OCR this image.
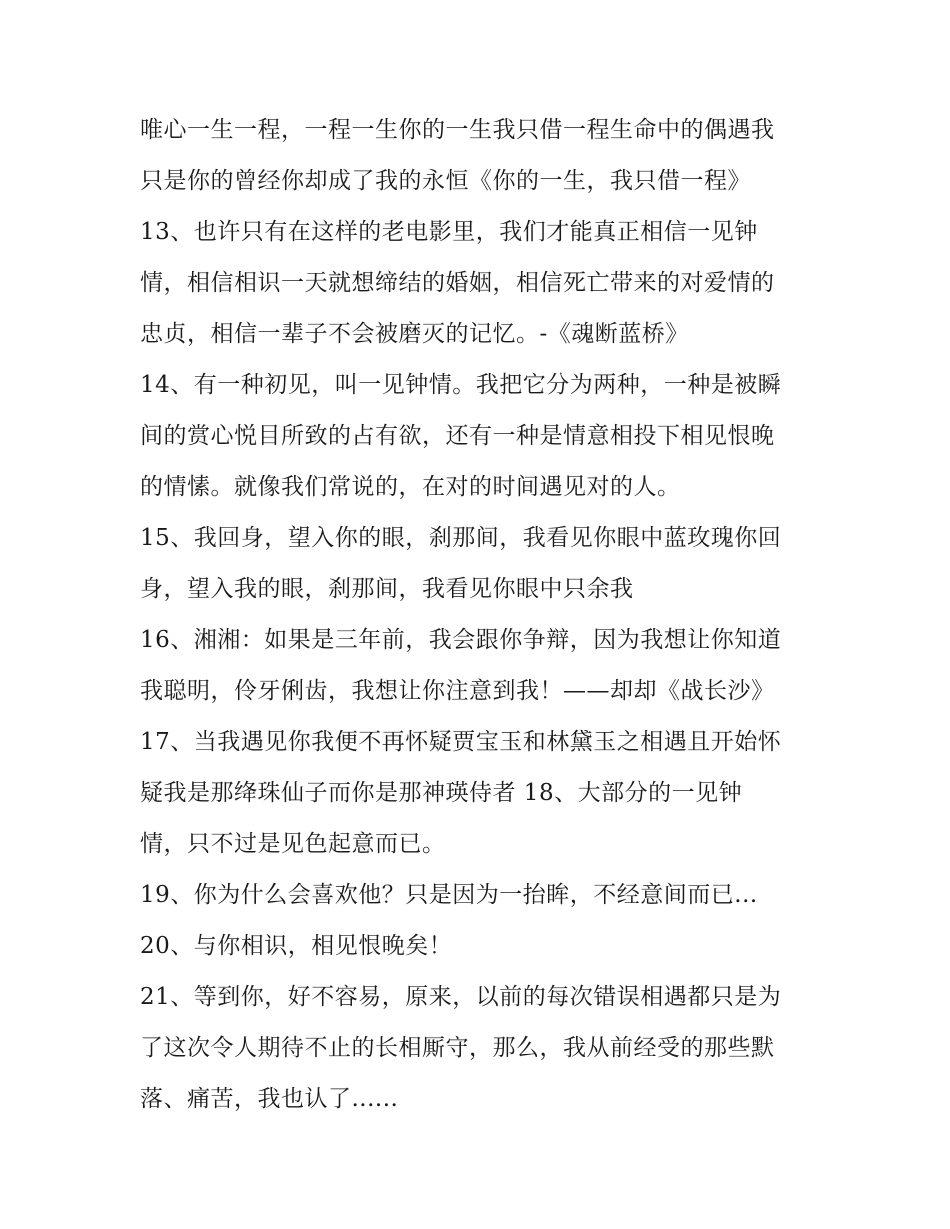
唯心一生一程，一程一生你的一生我只借一程生命中的偶遇我
只是你的曾经你却成了我的永恒《你的一生，我只借一程》
13、也许只有在这样的老电影里，我们才能真正相信一见钟
情，相信相识一天就想缔结的婚姻，相信死亡带来的对爱情的
忠贞，相信一辈子不会被磨灭的记忆。-《魂断蓝桥》
14、有一种初见，叫一见钟情。我把它分为两种，一种是被瞬
间的赏心悦目所致的占有欲，还有一种是情意相投下相见恨晚
的情愫。就像我们常说的，在对的时间遇见对的人。
15、我回身，望入你的眼，刹那间，我看见你眼中蓝玫瑰你回
身，望入我的眼，刹那间，我看见你眼中只余我
16、湘湘：如果是三年前，我会跟你争辩，因为我想让你知道
我聪明，伶牙俐齿，我想让你注意到我！——却却《战长沙》
17、当我遇见你我便不再怀疑贾宝玉和林黛玉之相遇且开始怀
疑我是那绛珠仙子而你是那神瑛侍者 18、大部分的一见钟
情，只不过是见色起意而已。
19、你为什么会喜欢他？只是因为一抬眸，不经意间而已...
20、与你相识，相见恨晚矣！
21、等到你，好不容易，原来，以前的每次错误相遇都只是为
了这次令人期待不止的长相厮守，那么，我从前经受的那些默
落、痛苦，我也认了......
